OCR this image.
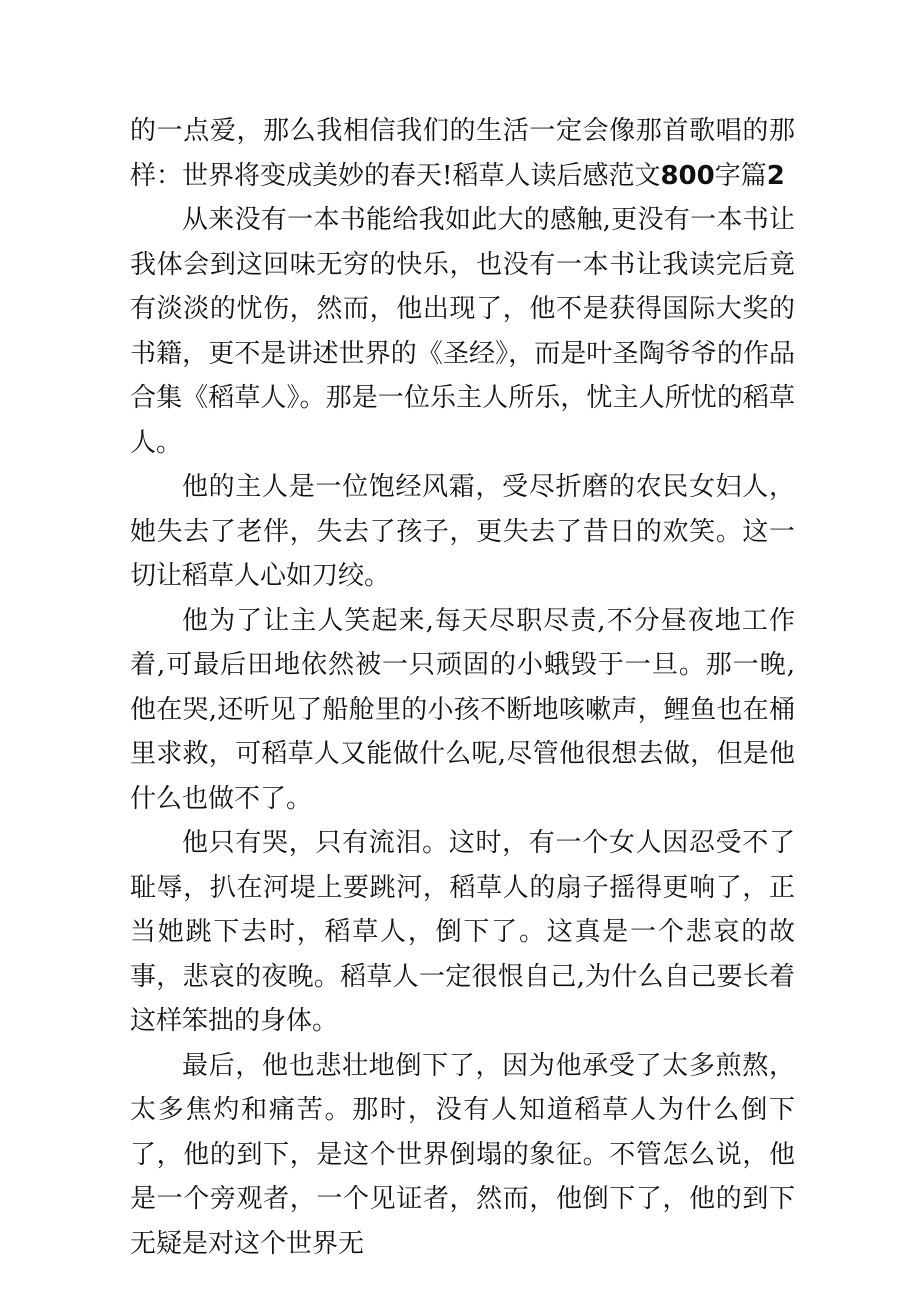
的一点爱，那么我相信我们的生活一定会像那首歌唱的那样：世界将变成美妙的春天!稻草人读后感范文800字篇2

从来没有一本书能给我如此大的感触,更没有一本书让我体会到这回味无穷的快乐，也没有一本书让我读完后竟有淡淡的忧伤，然而，他出现了，他不是获得国际大奖的书籍，更不是讲述世界的《圣经》，而是叶圣陶爷爷的作品合集《稻草人》。那是一位乐主人所乐，忧主人所忧的稻草人。

他的主人是一位饱经风霜，受尽折磨的农民女妇人，她失去了老伴，失去了孩子，更失去了昔日的欢笑。这一切让稻草人心如刀绞。

他为了让主人笑起来,每天尽职尽责,不分昼夜地工作着,可最后田地依然被一只顽固的小蛾毁于一旦。那一晚,他在哭,还听见了船舱里的小孩不断地咳嗽声，鲤鱼也在桶里求救，可稻草人又能做什么呢,尽管他很想去做，但是他什么也做不了。

他只有哭，只有流泪。这时，有一个女人因忍受不了耻辱，扒在河堤上要跳河，稻草人的扇子摇得更响了，正当她跳下去时，稻草人，倒下了。这真是一个悲哀的故事，悲哀的夜晚。稻草人一定很恨自己,为什么自己要长着这样笨拙的身体。

最后，他也悲壮地倒下了，因为他承受了太多煎熬，太多焦灼和痛苦。那时，没有人知道稻草人为什么倒下了，他的到下，是这个世界倒塌的象征。不管怎么说，他是一个旁观者，一个见证者，然而，他倒下了，他的到下无疑是对这个世界无
